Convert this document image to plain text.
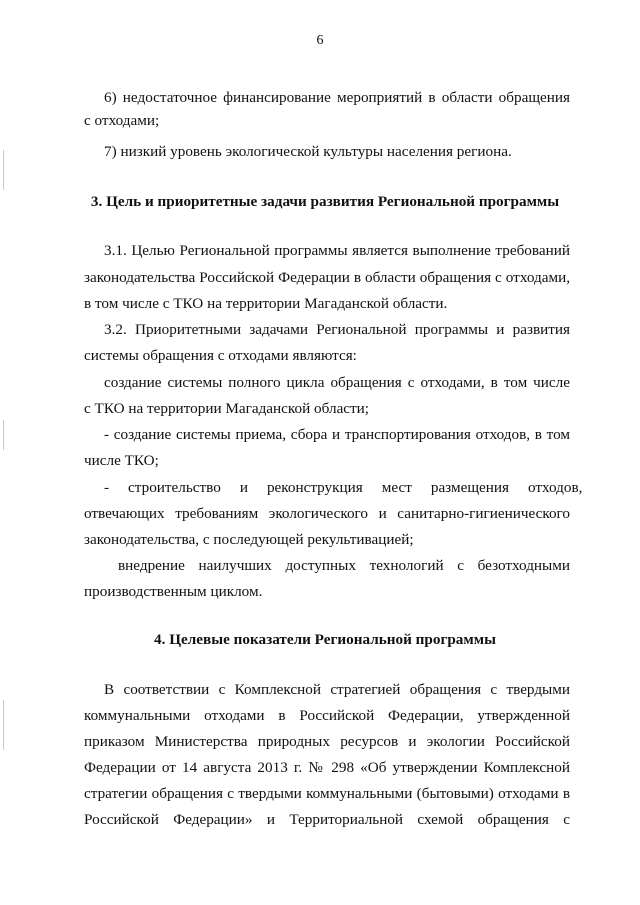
6
6) недостаточное финансирование мероприятий в области обращения
с отходами;
7) низкий уровень экологической культуры населения региона.
3. Цель и приоритетные задачи развития Региональной программы
3.1. Целью Региональной программы является выполнение требований
законодательства Российской Федерации в области обращения с отходами,
в том числе с ТКО на территории Магаданской области.
3.2. Приоритетными задачами Региональной программы и развития
системы обращения с отходами являются:
создание системы полного цикла обращения с отходами, в том числе
с ТКО на территории Магаданской области;
- создание системы приема, сбора и транспортирования отходов, в том
числе ТКО;
-     строительство     и     реконструкция     мест     размещения     отходов,
отвечающих требованиям экологического и санитарно-гигиенического
законодательства, с последующей рекультивацией;
внедрение наилучших доступных технологий с безотходными
производственным циклом.
4. Целевые показатели Региональной программы
В соответствии с Комплексной стратегией обращения с твердыми
коммунальными отходами в Российской Федерации, утвержденной
приказом Министерства природных ресурсов и экологии Российской
Федерации от 14 августа 2013 г. № 298 «Об утверждении Комплексной
стратегии обращения с твердыми коммунальными (бытовыми) отходами в
Российской Федерации» и Территориальной схемой обращения с
